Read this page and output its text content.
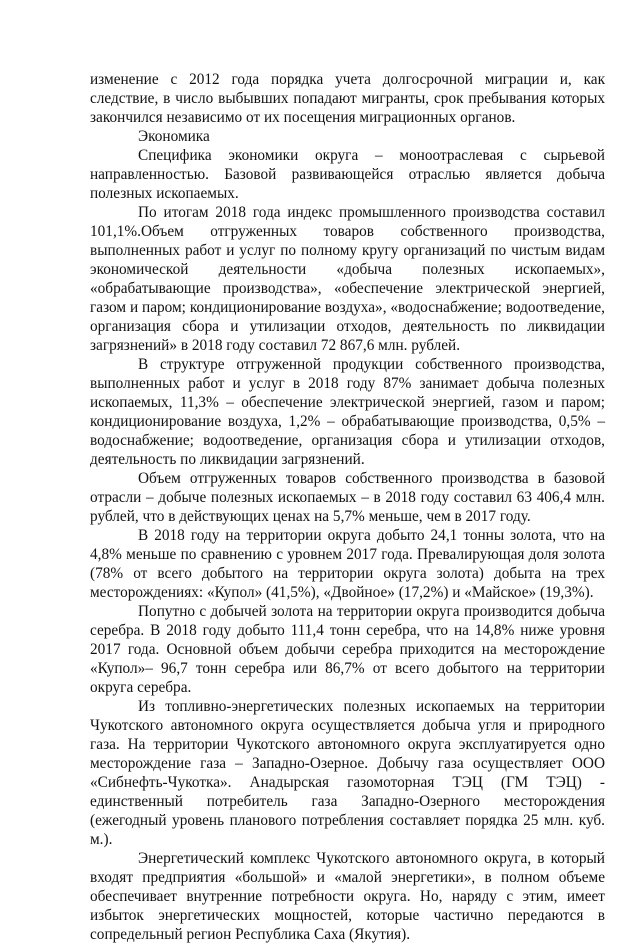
изменение с 2012 года порядка учета долгосрочной миграции и, как следствие, в число выбывших попадают мигранты, срок пребывания которых закончился независимо от их посещения миграционных органов.

Экономика

Специфика экономики округа – моноотраслевая с сырьевой направленностью. Базовой развивающейся отраслью является добыча полезных ископаемых.

По итогам 2018 года индекс промышленного производства составил 101,1%.Объем отгруженных товаров собственного производства, выполненных работ и услуг по полному кругу организаций по чистым видам экономической деятельности «добыча полезных ископаемых», «обрабатывающие производства», «обеспечение электрической энергией, газом и паром; кондиционирование воздуха», «водоснабжение; водоотведение, организация сбора и утилизации отходов, деятельность по ликвидации загрязнений» в 2018 году составил 72 867,6 млн. рублей.

В структуре отгруженной продукции собственного производства, выполненных работ и услуг в 2018 году 87% занимает добыча полезных ископаемых, 11,3% – обеспечение электрической энергией, газом и паром; кондиционирование воздуха, 1,2% – обрабатывающие производства, 0,5% – водоснабжение; водоотведение, организация сбора и утилизации отходов, деятельность по ликвидации загрязнений.

Объем отгруженных товаров собственного производства в базовой отрасли – добыче полезных ископаемых – в 2018 году составил 63 406,4 млн. рублей, что в действующих ценах на 5,7% меньше, чем в 2017 году.

В 2018 году на территории округа добыто 24,1 тонны золота, что на 4,8% меньше по сравнению с уровнем 2017 года. Превалирующая доля золота (78% от всего добытого на территории округа золота) добыта на трех месторождениях: «Купол» (41,5%), «Двойное» (17,2%) и «Майское» (19,3%).

Попутно с добычей золота на территории округа производится добыча серебра. В 2018 году добыто 111,4 тонн серебра, что на 14,8% ниже уровня 2017 года. Основной объем добычи серебра приходится на месторождение «Купол»– 96,7 тонн серебра или 86,7% от всего добытого на территории округа серебра.

Из топливно-энергетических полезных ископаемых на территории Чукотского автономного округа осуществляется добыча угля и природного газа. На территории Чукотского автономного округа эксплуатируется одно месторождение газа – Западно-Озерное. Добычу газа осуществляет ООО «Сибнефть-Чукотка». Анадырская газомоторная ТЭЦ (ГМ ТЭЦ) - единственный потребитель газа Западно-Озерного месторождения (ежегодный уровень планового потребления составляет порядка 25 млн. куб. м.).

Энергетический комплекс Чукотского автономного округа, в который входят предприятия «большой» и «малой энергетики», в полном объеме обеспечивает внутренние потребности округа. Но, наряду с этим, имеет избыток энергетических мощностей, которые частично передаются в сопредельный регион Республика Саха (Якутия).
